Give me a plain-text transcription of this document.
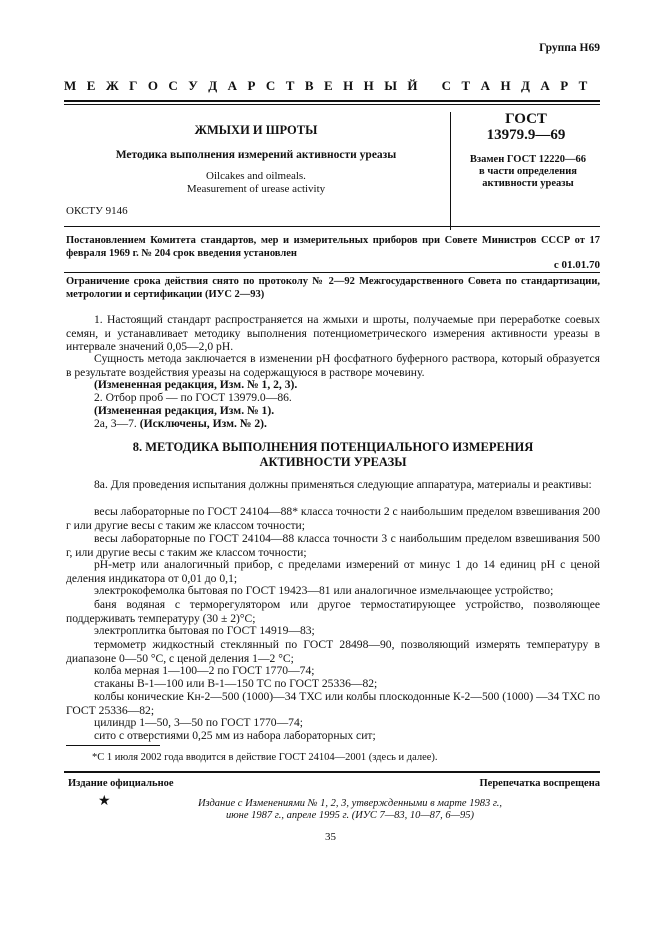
Группа Н69
М Е Ж Г О С У Д А Р С Т В Е Н Н Ы Й   С Т А Н Д А Р Т
ЖМЫХИ И ШРОТЫ
Методика выполнения измерений активности уреазы
Oilcakes and oilmeals.
Measurement of urease activity
ОКСТУ 9146
ГОСТ
13979.9—69
Взамен ГОСТ 12220—66 в части определения активности уреазы
Постановлением Комитета стандартов, мер и измерительных приборов при Совете Министров СССР от 17 февраля 1969 г. № 204 срок введения установлен
с 01.01.70
Ограничение срока действия снято по протоколу № 2—92 Межгосударственного Совета по стандартизации, метрологии и сертификации (ИУС 2—93)
1. Настоящий стандарт распространяется на жмыхи и шроты, получаемые при переработке соевых семян, и устанавливает методику выполнения потенциометрического измерения активности уреазы в интервале значений 0,05—2,0 pH.
Сущность метода заключается в изменении pH фосфатного буферного раствора, который образуется в результате воздействия уреазы на содержащуюся в растворе мочевину.
(Измененная редакция, Изм. № 1, 2, 3).
2. Отбор проб — по ГОСТ 13979.0—86.
(Измененная редакция, Изм. № 1).
2а, 3—7. (Исключены, Изм. № 2).
8. МЕТОДИКА ВЫПОЛНЕНИЯ ПОТЕНЦИАЛЬНОГО ИЗМЕРЕНИЯ
АКТИВНОСТИ УРЕАЗЫ
8а. Для проведения испытания должны применяться следующие аппаратура, материалы и реактивы:
весы лабораторные по ГОСТ 24104—88* класса точности 2 с наибольшим пределом взвешивания 200 г или другие весы с таким же классом точности;
весы лабораторные по ГОСТ 24104—88 класса точности 3 с наибольшим пределом взвешивания 500 г, или другие весы с таким же классом точности;
pH-метр или аналогичный прибор, с пределами измерений от минус 1 до 14 единиц pH с ценой деления индикатора от 0,01 до 0,1;
электрокофемолка бытовая по ГОСТ 19423—81 или аналогичное измельчающее устройство;
баня водяная с терморегулятором или другое термостатирующее устройство, позволяющее поддерживать температуру (30 ± 2)°С;
электроплитка бытовая по ГОСТ 14919—83;
термометр жидкостный стеклянный по ГОСТ 28498—90, позволяющий измерять температуру в диапазоне 0—50 °С, с ценой деления 1—2 °С;
колба мерная 1—100—2 по ГОСТ 1770—74;
стаканы В-1—100 или В-1—150 ТС по ГОСТ 25336—82;
колбы конические Кн-2—500 (1000)—34 ТХС или колбы плоскодонные К-2—500 (1000) —34 ТХС по ГОСТ 25336—82;
цилиндр 1—50, 3—50 по ГОСТ 1770—74;
сито с отверстиями 0,25 мм из набора лабораторных сит;
*С 1 июля 2002 года вводится в действие ГОСТ 24104—2001 (здесь и далее).
Издание официальное	Перепечатка воспрещена
★	Издание с Изменениями № 1, 2, 3, утвержденными в марте 1983 г.,
июне 1987 г., апреле 1995 г. (ИУС 7—83, 10—87, 6—95)
35
